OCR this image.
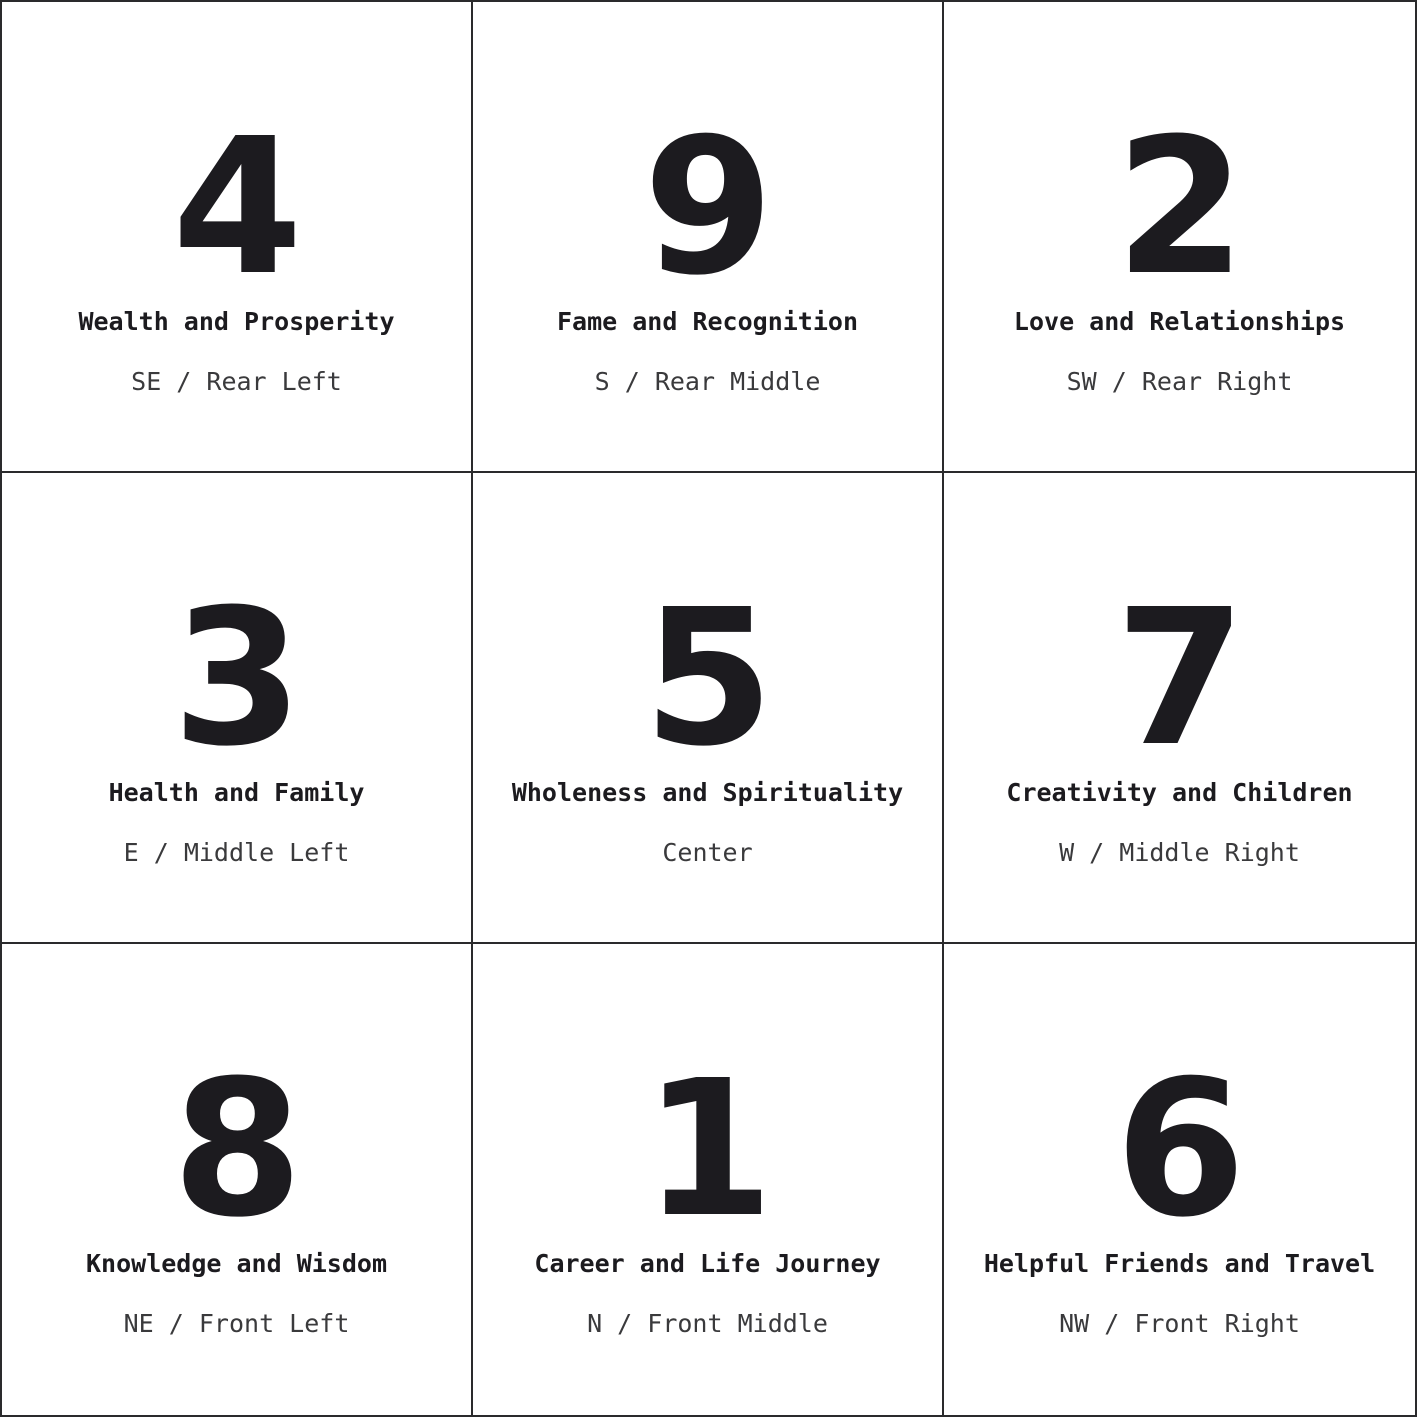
4
Wealth and Prosperity
SE / Rear Left
9
Fame and Recognition
S / Rear Middle
2
Love and Relationships
SW / Rear Right
3
Health and Family
E / Middle Left
5
Wholeness and Spirituality
Center
7
Creativity and Children
W / Middle Right
8
Knowledge and Wisdom
NE / Front Left
1
Career and Life Journey
N / Front Middle
6
Helpful Friends and Travel
NW / Front Right
